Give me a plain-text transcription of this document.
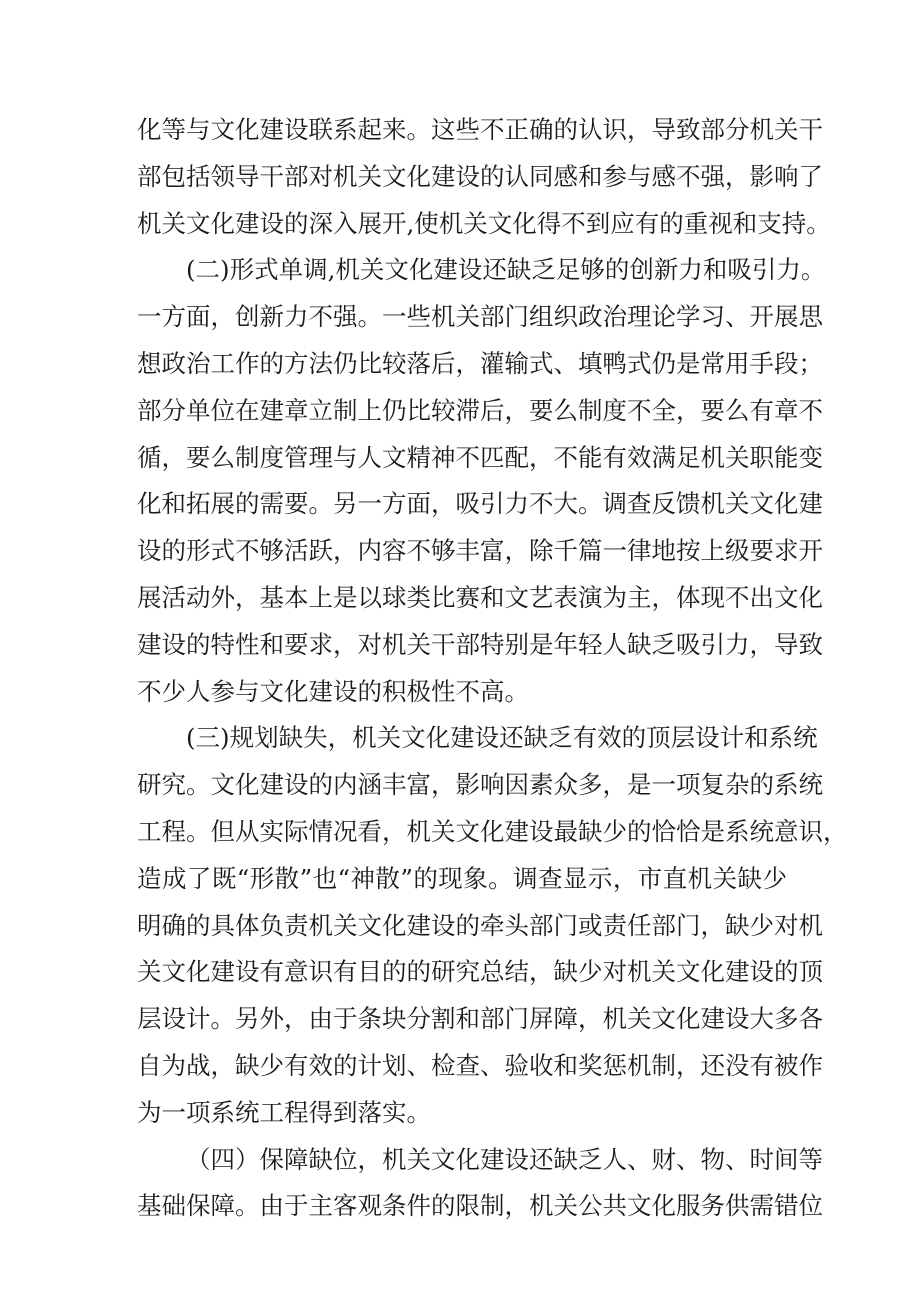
化等与文化建设联系起来。这些不正确的认识，导致部分机关干
部包括领导干部对机关文化建设的认同感和参与感不强，影响了
机关文化建设的深入展开,使机关文化得不到应有的重视和支持。
(二)形式单调,机关文化建设还缺乏足够的创新力和吸引力。
一方面，创新力不强。一些机关部门组织政治理论学习、开展思
想政治工作的方法仍比较落后，灌输式、填鸭式仍是常用手段；
部分单位在建章立制上仍比较滞后，要么制度不全，要么有章不
循，要么制度管理与人文精神不匹配，不能有效满足机关职能变
化和拓展的需要。另一方面，吸引力不大。调查反馈机关文化建
设的形式不够活跃，内容不够丰富，除千篇一律地按上级要求开
展活动外，基本上是以球类比赛和文艺表演为主，体现不出文化
建设的特性和要求，对机关干部特别是年轻人缺乏吸引力，导致
不少人参与文化建设的积极性不高。
(三)规划缺失，机关文化建设还缺乏有效的顶层设计和系统
研究。文化建设的内涵丰富，影响因素众多，是一项复杂的系统
工程。但从实际情况看，机关文化建设最缺少的恰恰是系统意识，
造成了既“形散”也“神散”的现象。调查显示，市直机关缺少
明确的具体负责机关文化建设的牵头部门或责任部门，缺少对机
关文化建设有意识有目的的研究总结，缺少对机关文化建设的顶
层设计。另外，由于条块分割和部门屏障，机关文化建设大多各
自为战，缺少有效的计划、检查、验收和奖惩机制，还没有被作
为一项系统工程得到落实。
（四）保障缺位，机关文化建设还缺乏人、财、物、时间等
基础保障。由于主客观条件的限制，机关公共文化服务供需错位
